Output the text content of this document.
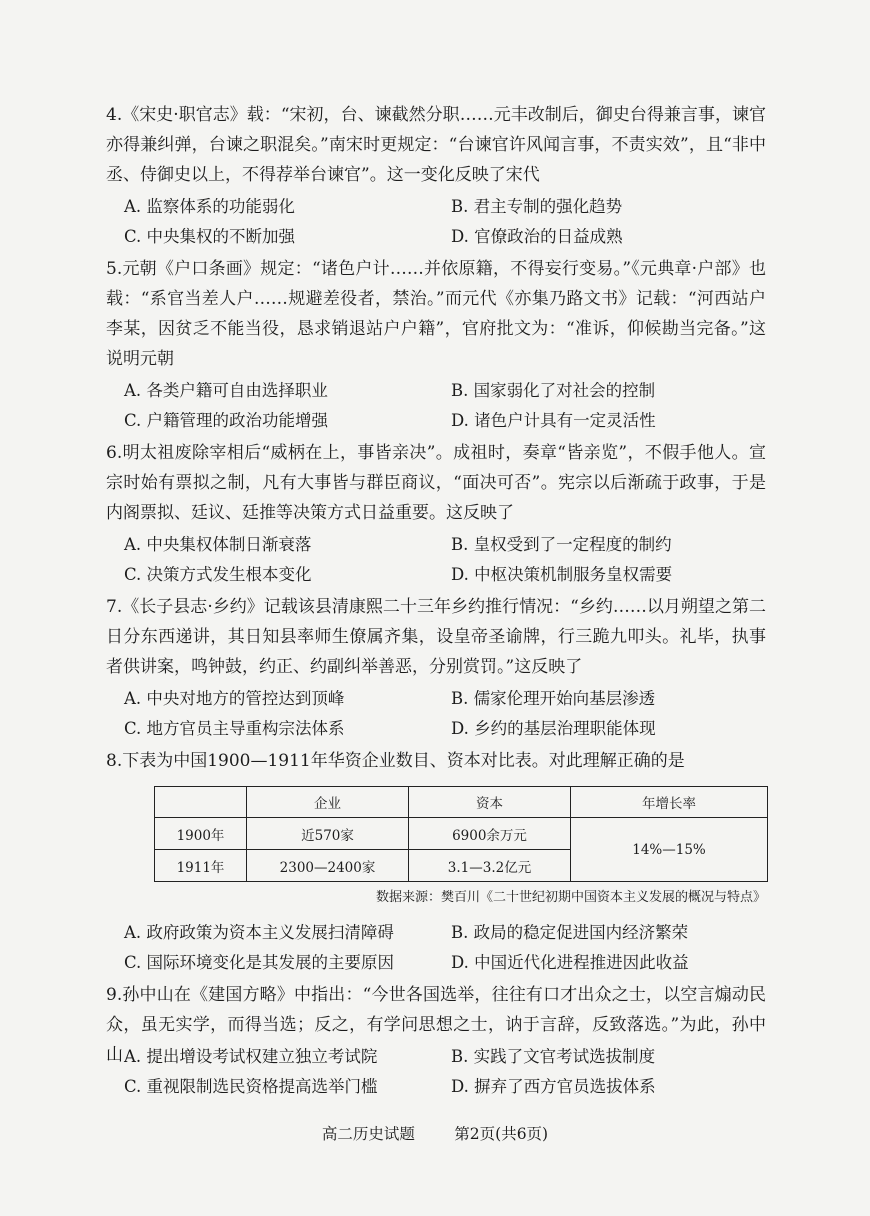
4.《宋史·职官志》载：“宋初，台、谏截然分职……元丰改制后，御史台得兼言事，谏官亦得兼纠弹，台谏之职混矣。”南宋时更规定：“台谏官许风闻言事，不责实效”，且“非中丞、侍御史以上，不得荐举台谏官”。这一变化反映了宋代
A. 监察体系的功能弱化	B. 君主专制的强化趋势
C. 中央集权的不断加强	D. 官僚政治的日益成熟
5.元朝《户口条画》规定：“诸色户计……并依原籍，不得妄行变易。”《元典章·户部》也载：“系官当差人户……规避差役者，禁治。”而元代《亦集乃路文书》记载：“河西站户李某，因贫乏不能当役，恳求销退站户户籍”，官府批文为：“准诉，仰候勘当完备。”这说明元朝
A. 各类户籍可自由选择职业	B. 国家弱化了对社会的控制
C. 户籍管理的政治功能增强	D. 诸色户计具有一定灵活性
6.明太祖废除宰相后“威柄在上，事皆亲决”。成祖时，奏章“皆亲览”，不假手他人。宣宗时始有票拟之制，凡有大事皆与群臣商议，“面决可否”。宪宗以后渐疏于政事，于是内阁票拟、廷议、廷推等决策方式日益重要。这反映了
A. 中央集权体制日渐衰落	B. 皇权受到了一定程度的制约
C. 决策方式发生根本变化	D. 中枢决策机制服务皇权需要
7.《长子县志·乡约》记载该县清康熙二十三年乡约推行情况：“乡约……以月朔望之第二日分东西递讲，其日知县率师生僚属齐集，设皇帝圣谕牌，行三跪九叩头。礼毕，执事者供讲案，鸣钟鼓，约正、约副纠举善恶，分别赏罚。”这反映了
A. 中央对地方的管控达到顶峰	B. 儒家伦理开始向基层渗透
C. 地方官员主导重构宗法体系	D. 乡约的基层治理职能体现
8.下表为中国1900—1911年华资企业数目、资本对比表。对此理解正确的是
	企业	资本	年增长率
1900年	近570家	6900余万元	14%—15%
1911年	2300—2400家	3.1—3.2亿元	
数据来源：樊百川《二十世纪初期中国资本主义发展的概况与特点》
A. 政府政策为资本主义发展扫清障碍	B. 政局的稳定促进国内经济繁荣
C. 国际环境变化是其发展的主要原因	D. 中国近代化进程推进因此收益
9.孙中山在《建国方略》中指出：“今世各国选举，往往有口才出众之士，以空言煽动民众，虽无实学，而得当选；反之，有学问思想之士，讷于言辞，反致落选。”为此，孙中山 A. 提出增设考试权建立独立考试院	B. 实践了文官考试选拔制度
C. 重视限制选民资格提高选举门槛	D. 摒弃了西方官员选拔体系
高二历史试题        第2页(共6页)
